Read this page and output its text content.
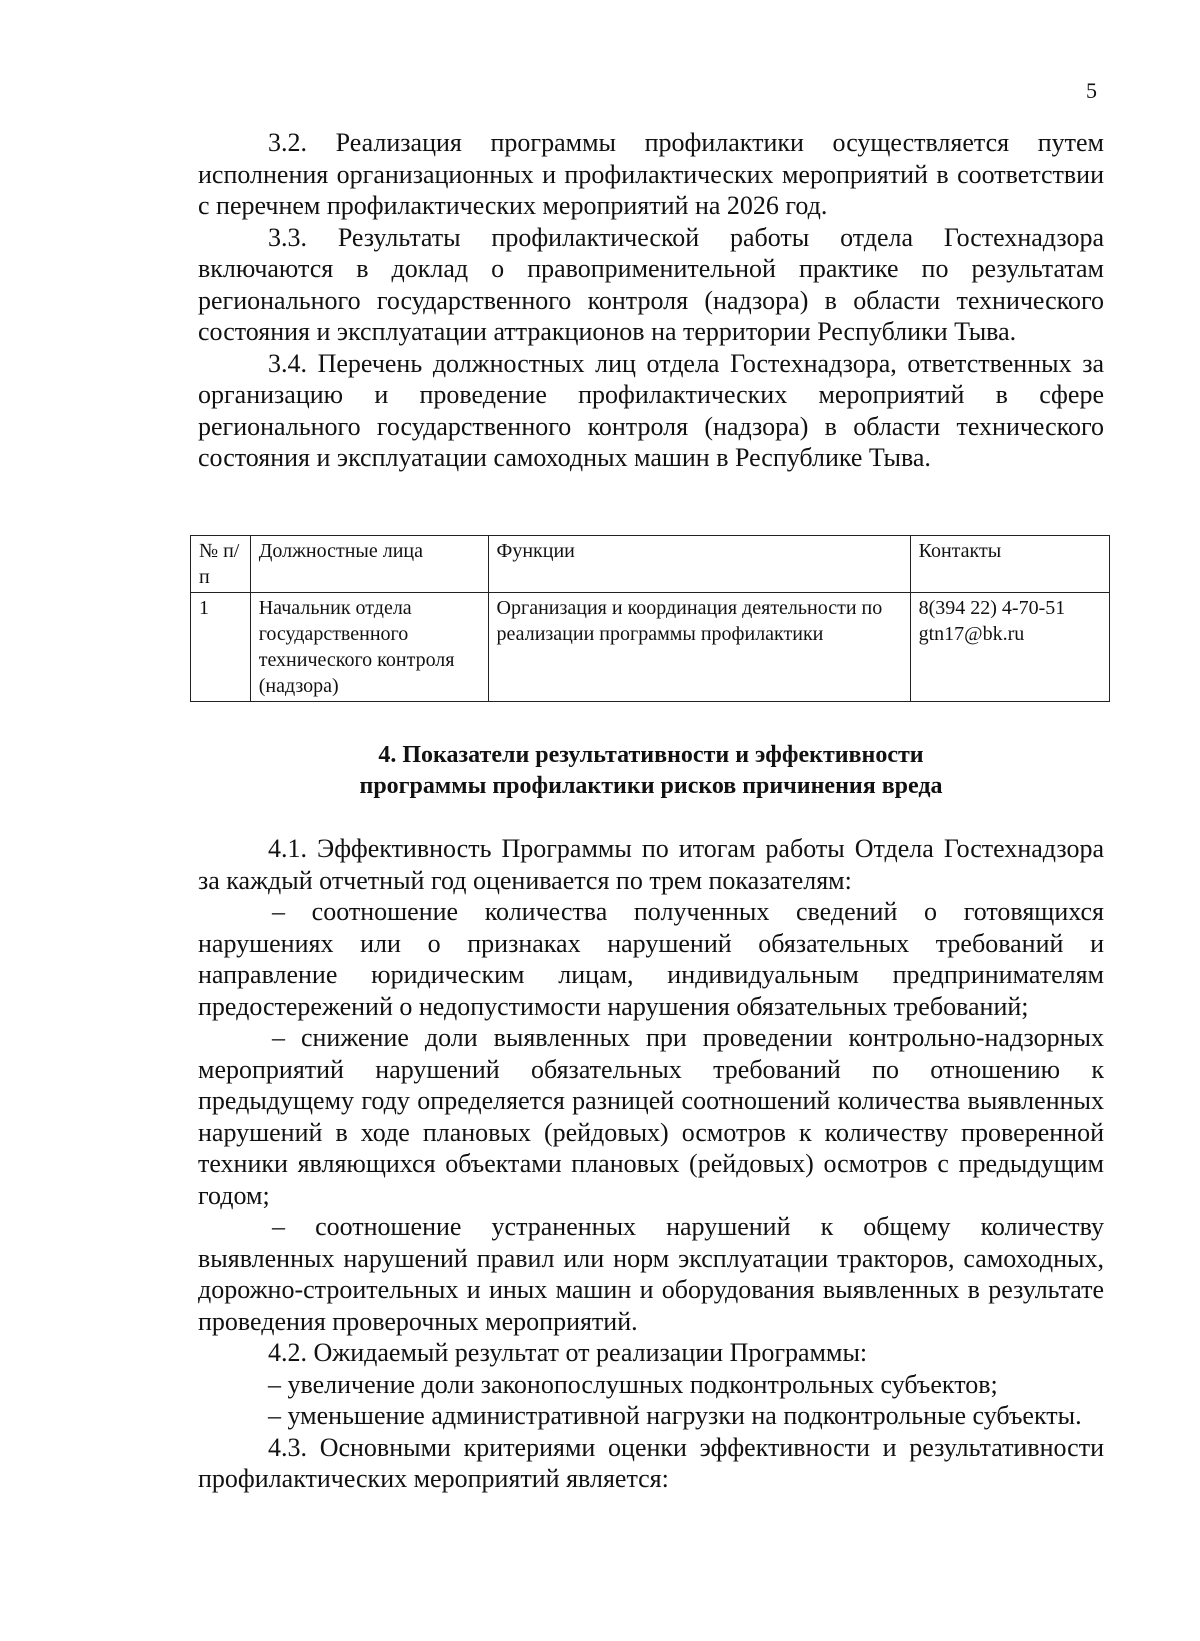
5

3.2. Реализация программы профилактики осуществляется путем исполнения организационных и профилактических мероприятий в соответствии с перечнем профилактических мероприятий на 2026 год.

3.3. Результаты профилактической работы отдела Гостехнадзора включаются в доклад о правоприменительной практике по результатам регионального государственного контроля (надзора) в области технического состояния и эксплуатации аттракционов на территории Республики Тыва.

3.4. Перечень должностных лиц отдела Гостехнадзора, ответственных за организацию и проведение профилактических мероприятий в сфере регионального государственного контроля (надзора) в области технического состояния и эксплуатации самоходных машин в Республике Тыва.

№ п/п	Должностные лица	Функции	Контакты
1	Начальник отдела государственного технического контроля (надзора)	Организация и координация деятельности по реализации программы профилактики	8(394 22) 4-70-51
gtn17@bk.ru
4. Показатели результативности и эффективности
программы профилактики рисков причинения вреда

4.1. Эффективность Программы по итогам работы Отдела Гостехнадзора за каждый отчетный год оценивается по трем показателям:

– соотношение количества полученных сведений о готовящихся нарушениях или о признаках нарушений обязательных требований и направление юридическим лицам, индивидуальным предпринимателям предостережений о недопустимости нарушения обязательных требований;

– снижение доли выявленных при проведении контрольно-надзорных мероприятий нарушений обязательных требований по отношению к предыдущему году определяется разницей соотношений количества выявленных нарушений в ходе плановых (рейдовых) осмотров к количеству проверенной техники являющихся объектами плановых (рейдовых) осмотров с предыдущим годом;

– соотношение устраненных нарушений к общему количеству выявленных нарушений правил или норм эксплуатации тракторов, самоходных, дорожно-строительных и иных машин и оборудования выявленных в результате проведения проверочных мероприятий.

4.2. Ожидаемый результат от реализации Программы:

– увеличение доли законопослушных подконтрольных субъектов;

– уменьшение административной нагрузки на подконтрольные субъекты.

4.3. Основными критериями оценки эффективности и результативности профилактических мероприятий является:
